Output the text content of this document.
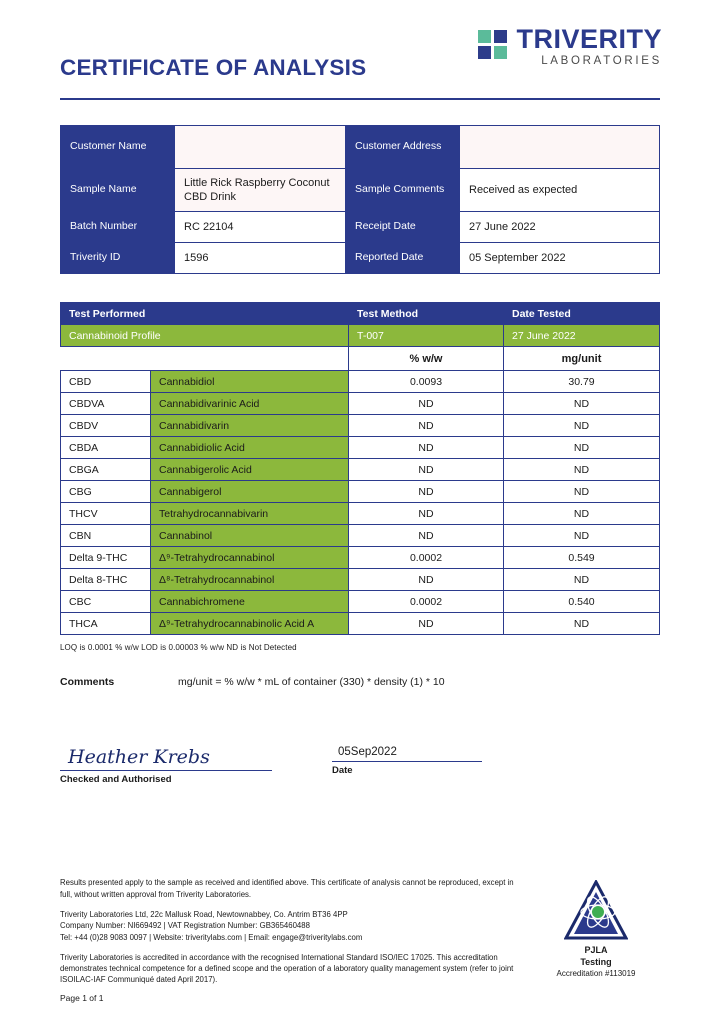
TRIVERITY
LABORATORIES
CERTIFICATE OF ANALYSIS
Customer Name		Customer Address	
Sample Name	Little Rick Raspberry Coconut CBD Drink	Sample Comments	Received as expected
Batch Number	RC 22104	Receipt Date	27 June 2022
Triverity ID	1596	Reported Date	05 September 2022
Test Performed		Test Method	Date Tested
Cannabinoid Profile		T-007	27 June 2022
		% w/w	mg/unit
CBD	Cannabidiol	0.0093	30.79
CBDVA	Cannabidivarinic Acid	ND	ND
CBDV	Cannabidivarin	ND	ND
CBDA	Cannabidiolic Acid	ND	ND
CBGA	Cannabigerolic Acid	ND	ND
CBG	Cannabigerol	ND	ND
THCV	Tetrahydrocannabivarin	ND	ND
CBN	Cannabinol	ND	ND
Delta 9-THC	Δ⁹-Tetrahydrocannabinol	0.0002	0.549
Delta 8-THC	Δ⁸-Tetrahydrocannabinol	ND	ND
CBC	Cannabichromene	0.0002	0.540
THCA	Δ⁹-Tetrahydrocannabinolic Acid A	ND	ND
LOQ is 0.0001 % w/w LOD is 0.00003 % w/w ND is Not Detected
Comments	mg/unit = % w/w * mL of container (330) * density (1) * 10
Heather Krebs
Checked and Authorised
05Sep2022
Date

Results presented apply to the sample as received and identified above. This certificate of analysis cannot be reproduced, except in full, without written approval from Triverity Laboratories.

Triverity Laboratories Ltd, 22c Mallusk Road, Newtownabbey, Co. Antrim BT36 4PP

Company Number: NI669492 | VAT Registration Number: GB365460488

Tel: +44 (0)28 9083 0097 | Website: triveritylabs.com | Email: engage@triveritylabs.com

Triverity Laboratories is accredited in accordance with the recognised International Standard ISO/IEC 17025. This accreditation demonstrates technical competence for a defined scope and the operation of a laboratory quality management system (refer to joint ISOILAC-IAF Communiqué dated April 2017).

Page 1 of 1
PJLA
Testing
Accreditation #113019
